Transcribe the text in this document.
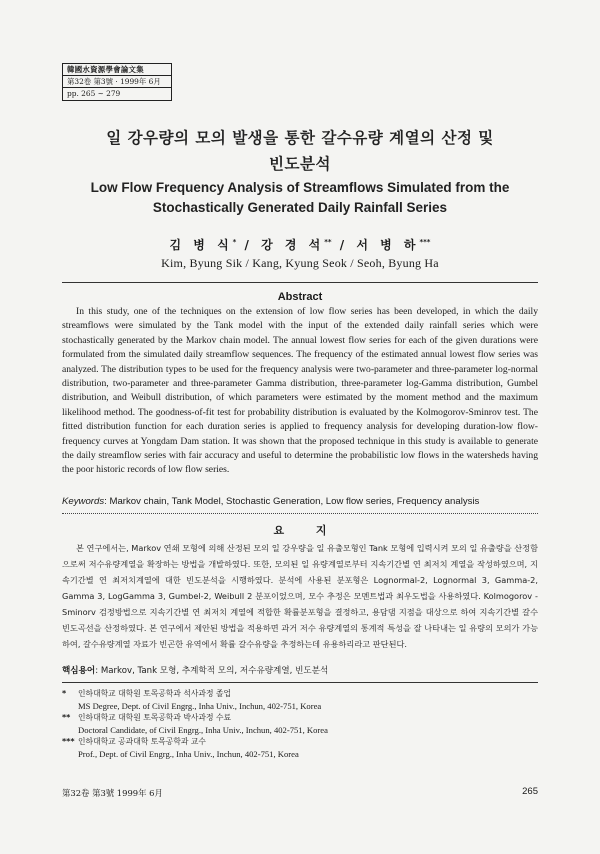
韓國水資源學會論文集
第32卷 第3號 · 1999年 6月
pp. 265 ~ 279
일 강우량의 모의 발생을 통한 갈수유량 계열의 산정 및
빈도분석
Low Flow Frequency Analysis of Streamflows Simulated from the
Stochastically Generated Daily Rainfall Series
김 병 식* / 강 경 석** / 서 병 하***
Kim, Byung Sik / Kang, Kyung Seok / Seoh, Byung Ha
Abstract

In this study, one of the techniques on the extension of low flow series has been developed, in which the daily streamflows were simulated by the Tank model with the input of the extended daily rainfall series which were stochastically generated by the Markov chain model. The annual lowest flow series for each of the given durations were formulated from the simulated daily streamflow sequences. The frequency of the estimated annual lowest flow series was analyzed. The distribution types to be used for the frequency analysis were two-parameter and three-parameter log-normal distribution, two-parameter and three-parameter Gamma distribution, three-parameter log-Gamma distribution, Gumbel distribution, and Weibull distribution, of which parameters were estimated by the moment method and the maximum likelihood method. The goodness-of-fit test for probability distribution is evaluated by the Kolmogorov-Sminrov test. The fitted distribution function for each duration series is applied to frequency analysis for developing duration-low flow-frequency curves at Yongdam Dam station. It was shown that the proposed technique in this study is available to generate the daily streamflow series with fair accuracy and useful to determine the probabilistic low flows in the watersheds having the poor historic records of low flow series.

Keywords: Markov chain, Tank Model, Stochastic Generation, Low flow series, Frequency analysis
요 지

본 연구에서는, Markov 연쇄 모형에 의해 산정된 모의 일 강우량을 일 유출모형인 Tank 모형에 입력시켜 모의 일 유출량을 산정함으로써 저수유량계열을 확장하는 방법을 개발하였다. 또한, 모의된 일 유량계열로부터 지속기간별 연 최저치 계열을 작성하였으며, 지속기간별 연 최저치계열에 대한 빈도분석을 시행하였다. 분석에 사용된 분포형은 Lognormal-2, Lognormal 3, Gamma-2, Gamma 3, LogGamma 3, Gumbel-2, Weibull 2 분포이었으며, 모수 추정은 모멘트법과 최우도법을 사용하였다. Kolmogorov - Sminorv 검정방법으로 지속기간별 연 최저치 계열에 적합한 확률분포형을 결정하고, 용담댐 지점을 대상으로 하여 지속기간별 갈수 빈도곡선을 산정하였다. 본 연구에서 제안된 방법을 적용하면 과거 저수 유량계열의 통계적 특성을 잘 나타내는 일 유량의 모의가 가능 하여, 갈수유량계열 자료가 빈곤한 유역에서 확률 갈수유량을 추정하는데 유용하리라고 판단된다.

핵심용어: Markov, Tank 모형, 추계학적 모의, 저수유량계열, 빈도분석
* 인하대학교 대학원 토목공학과 석사과정 졸업
MS Degree, Dept. of Civil Engrg., Inha Univ., Inchun, 402-751, Korea
** 인하대학교 대학원 토목공학과 박사과정 수료
Doctoral Candidate, of Civil Engrg., Inha Univ., Inchun, 402-751, Korea
*** 인하대학교 공과대학 토목공학과 교수
Prof., Dept. of Civil Engrg., Inha Univ., Inchun, 402-751, Korea
第32卷 第3號 1999年 6月	265
